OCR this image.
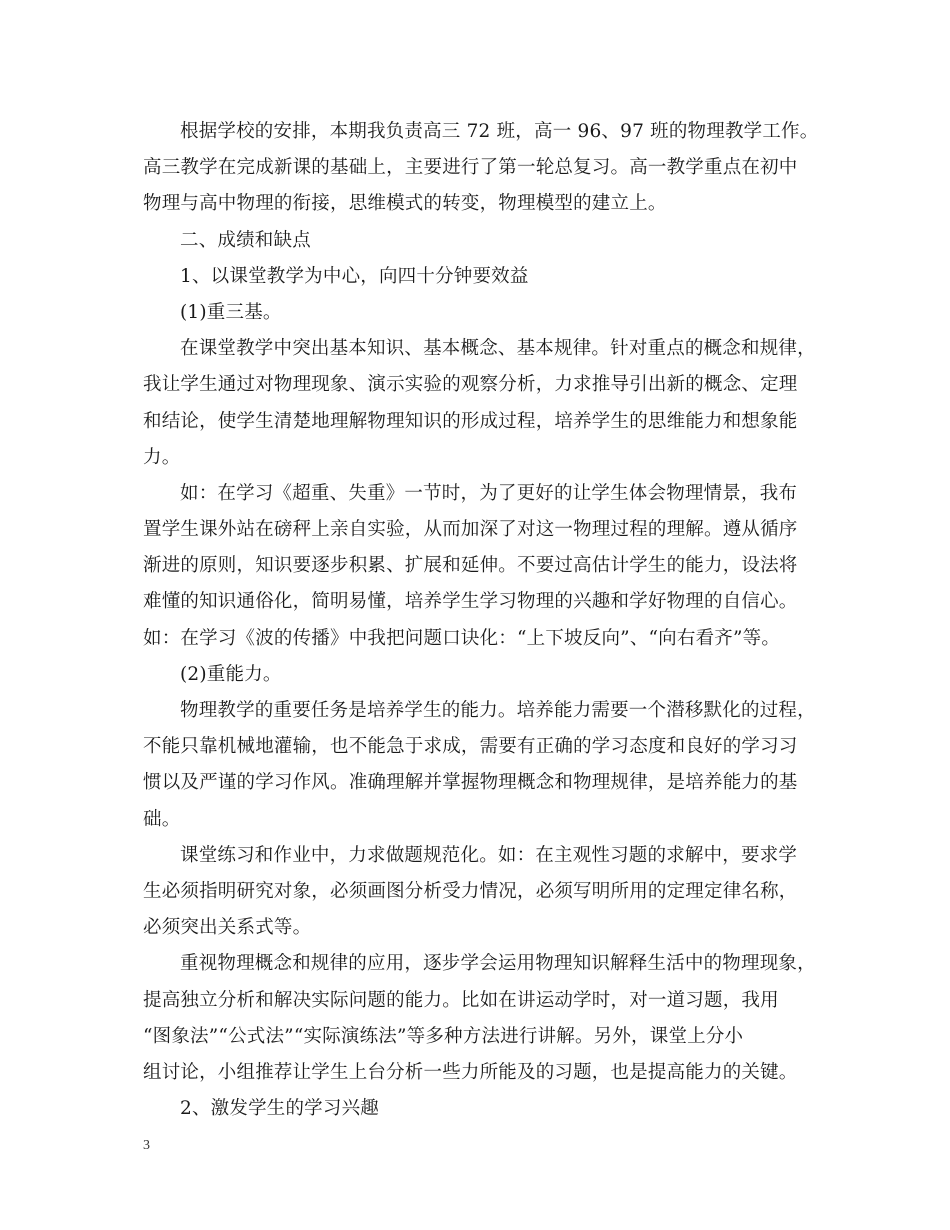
根据学校的安排，本期我负责高三 72 班，高一 96、97 班的物理教学工作。
高三教学在完成新课的基础上，主要进行了第一轮总复习。高一教学重点在初中
物理与高中物理的衔接，思维模式的转变，物理模型的建立上。
二、成绩和缺点
1、以课堂教学为中心，向四十分钟要效益
(1)重三基。
在课堂教学中突出基本知识、基本概念、基本规律。针对重点的概念和规律，
我让学生通过对物理现象、演示实验的观察分析，力求推导引出新的概念、定理
和结论，使学生清楚地理解物理知识的形成过程，培养学生的思维能力和想象能
力。
如：在学习《超重、失重》一节时，为了更好的让学生体会物理情景，我布
置学生课外站在磅秤上亲自实验，从而加深了对这一物理过程的理解。遵从循序
渐进的原则，知识要逐步积累、扩展和延伸。不要过高估计学生的能力，设法将
难懂的知识通俗化，简明易懂，培养学生学习物理的兴趣和学好物理的自信心。
如：在学习《波的传播》中我把问题口诀化：“上下坡反向”、“向右看齐”等。
(2)重能力。
物理教学的重要任务是培养学生的能力。培养能力需要一个潜移默化的过程，
不能只靠机械地灌输，也不能急于求成，需要有正确的学习态度和良好的学习习
惯以及严谨的学习作风。准确理解并掌握物理概念和物理规律，是培养能力的基
础。
课堂练习和作业中，力求做题规范化。如：在主观性习题的求解中，要求学
生必须指明研究对象，必须画图分析受力情况，必须写明所用的定理定律名称，
必须突出关系式等。
重视物理概念和规律的应用，逐步学会运用物理知识解释生活中的物理现象，
提高独立分析和解决实际问题的能力。比如在讲运动学时，对一道习题，我用
“图象法”“公式法”“实际演练法”等多种方法进行讲解。另外，课堂上分小
组讨论，小组推荐让学生上台分析一些力所能及的习题，也是提高能力的关键。
2、激发学生的学习兴趣
3
